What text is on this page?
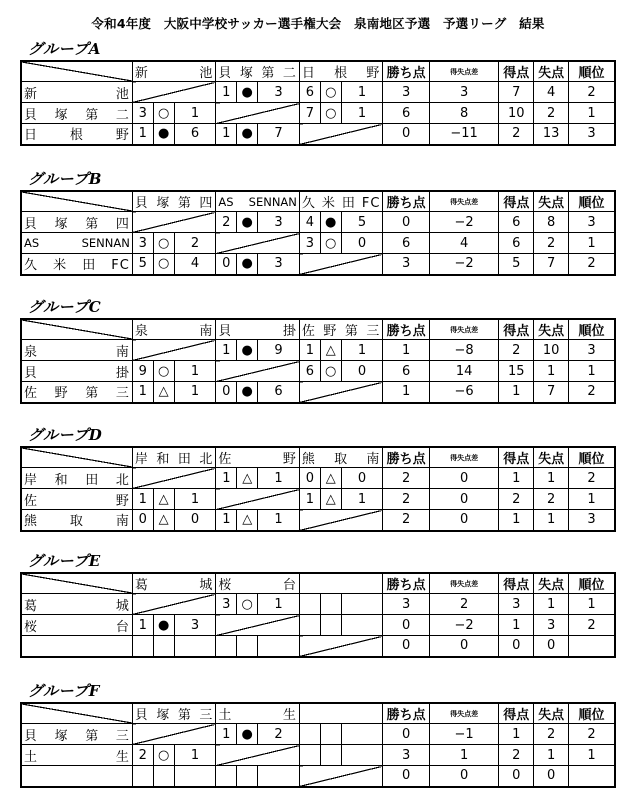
令和4年度　大阪中学校サッカー選手権大会　泉南地区予選　予選リーグ　結果
グループA
	新池			貝塚第二			日根野			勝ち点	得失点差	得点	失点	順位
新池				1	●	3	6	○	1	3	3	7	4	2
貝塚第二	3	○	1				7	○	1	6	8	10	2	1
日根野	1	●	6	1	●	7				0	−11	2	13	3
グループB
	貝塚第四			AS SENNAN			久米田FC			勝ち点	得失点差	得点	失点	順位
貝塚第四				2	●	3	4	●	5	0	−2	6	8	3
AS SENNAN	3	○	2				3	○	0	6	4	6	2	1
久米田FC	5	○	4	0	●	3				3	−2	5	7	2
グループC
	泉南			貝掛			佐野第三			勝ち点	得失点差	得点	失点	順位
泉南				1	●	9	1	△	1	1	−8	2	10	3
貝掛	9	○	1				6	○	0	6	14	15	1	1
佐野第三	1	△	1	0	●	6				1	−6	1	7	2
グループD
	岸和田北			佐野			熊取南			勝ち点	得失点差	得点	失点	順位
岸和田北				1	△	1	0	△	0	2	0	1	1	2
佐野	1	△	1				1	△	1	2	0	2	2	1
熊取南	0	△	0	1	△	1				2	0	1	1	3
グループE
	葛城			桜台						勝ち点	得失点差	得点	失点	順位
葛城				3	○	1				3	2	3	1	1
桜台	1	●	3							0	−2	1	3	2
										0	0	0	0	
グループF
	貝塚第三			土生						勝ち点	得失点差	得点	失点	順位
貝塚第三				1	●	2				0	−1	1	2	2
土生	2	○	1							3	1	2	1	1
										0	0	0	0	
